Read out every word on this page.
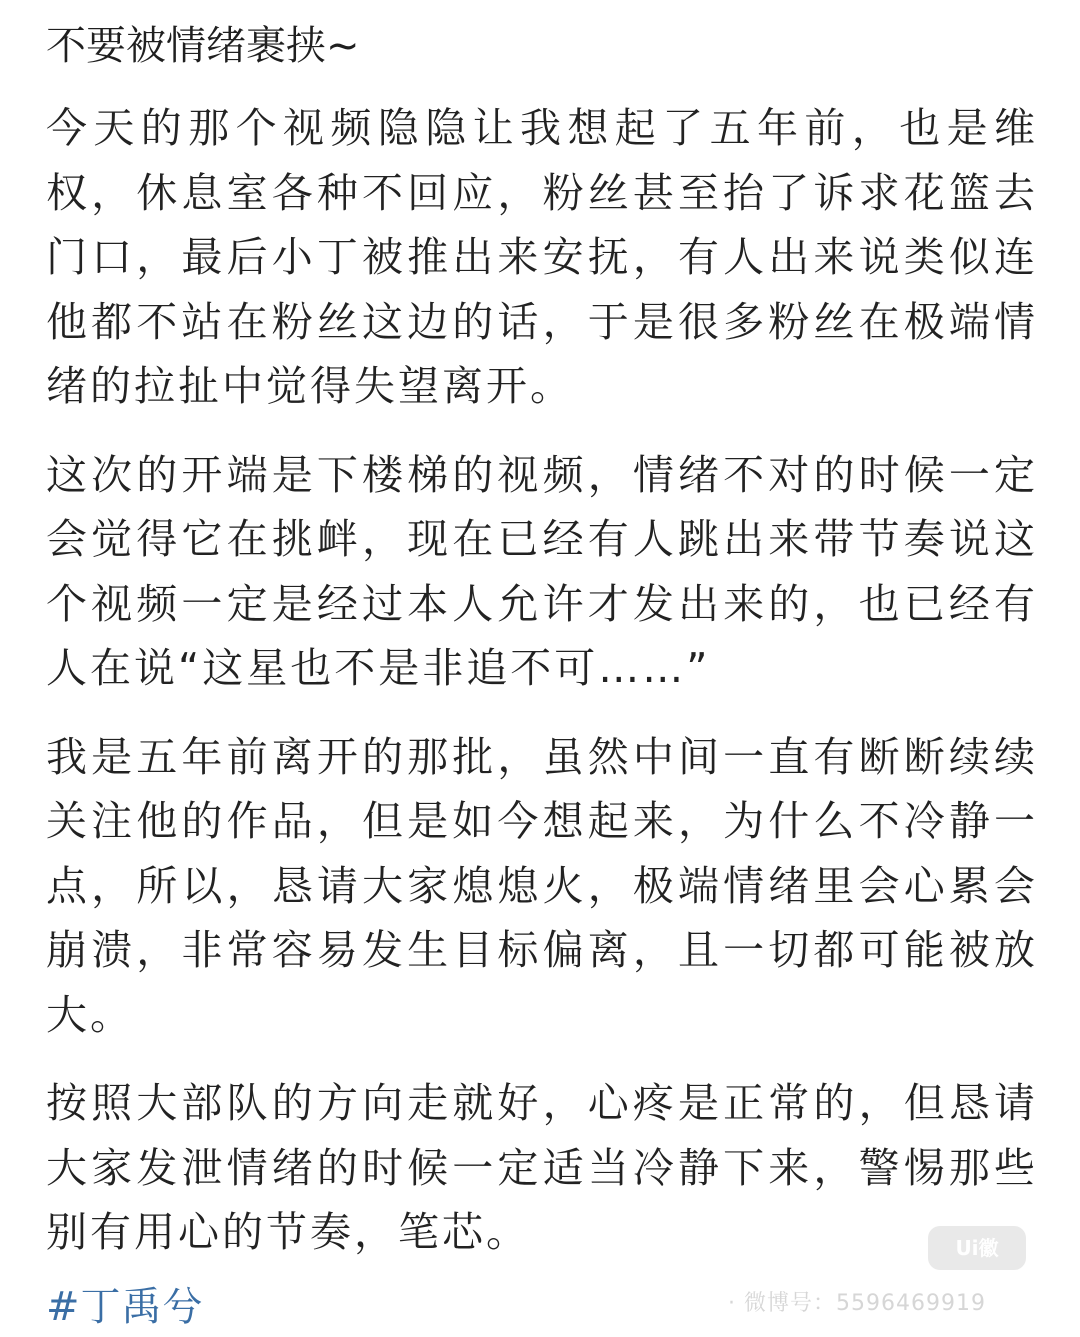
不要被情绪裹挟~

今天的那个视频隐隐让我想起了五年前，也是维权，休息室各种不回应，粉丝甚至抬了诉求花篮去门口，最后小丁被推出来安抚，有人出来说类似连他都不站在粉丝这边的话，于是很多粉丝在极端情绪的拉扯中觉得失望离开。

这次的开端是下楼梯的视频，情绪不对的时候一定会觉得它在挑衅，现在已经有人跳出来带节奏说这个视频一定是经过本人允许才发出来的，也已经有人在说“这星也不是非追不可……”

我是五年前离开的那批，虽然中间一直有断断续续关注他的作品，但是如今想起来，为什么不冷静一点，所以，恳请大家熄熄火，极端情绪里会心累会崩溃，非常容易发生目标偏离，且一切都可能被放大。

按照大部队的方向走就好，心疼是正常的，但恳请大家发泄情绪的时候一定适当冷静下来，警惕那些别有用心的节奏，笔芯。

#丁禹兮
Ui徽
· 微博号：5596469919
